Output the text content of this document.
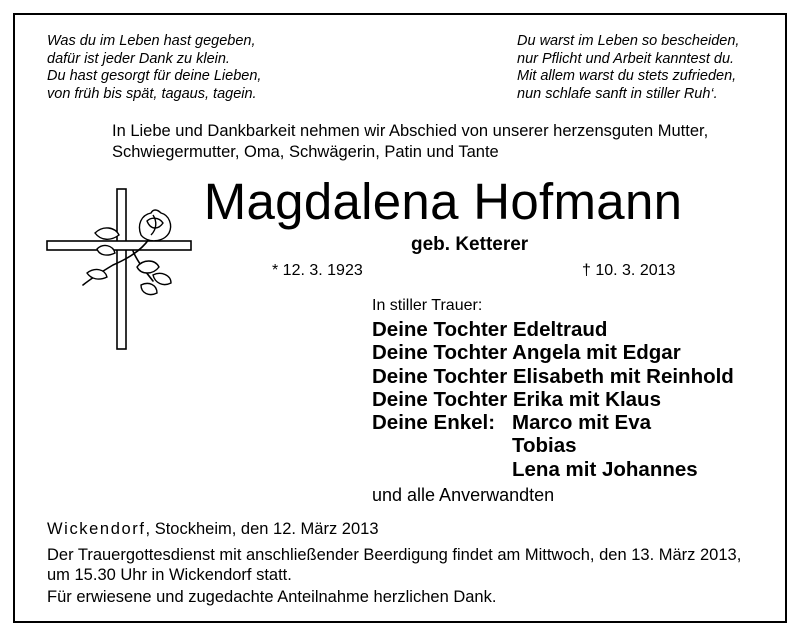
Was du im Leben hast gegeben,
dafür ist jeder Dank zu klein.
Du hast gesorgt für deine Lieben,
von früh bis spät, tagaus, tagein.
Du warst im Leben so bescheiden,
nur Pflicht und Arbeit kanntest du.
Mit allem warst du stets zufrieden,
nun schlafe sanft in stiller Ruh‘.
In Liebe und Dankbarkeit nehmen wir Abschied von unserer herzensguten Mutter,
Schwiegermutter, Oma, Schwägerin, Patin und Tante
Magdalena Hofmann
geb. Ketterer
* 12. 3. 1923	† 10. 3. 2013
In stiller Trauer:
Deine Tochter Edeltraud
Deine Tochter Angela mit Edgar
Deine Tochter Elisabeth mit Reinhold
Deine Tochter Erika mit Klaus
Deine Enkel: Marco mit Eva
Tobias
Lena mit Johannes
und alle Anverwandten
Wickendorf, Stockheim, den 12. März 2013
Der Trauergottesdienst mit anschließender Beerdigung findet am Mittwoch, den 13. März 2013,
um 15.30 Uhr in Wickendorf statt.
Für erwiesene und zugedachte Anteilnahme herzlichen Dank.
